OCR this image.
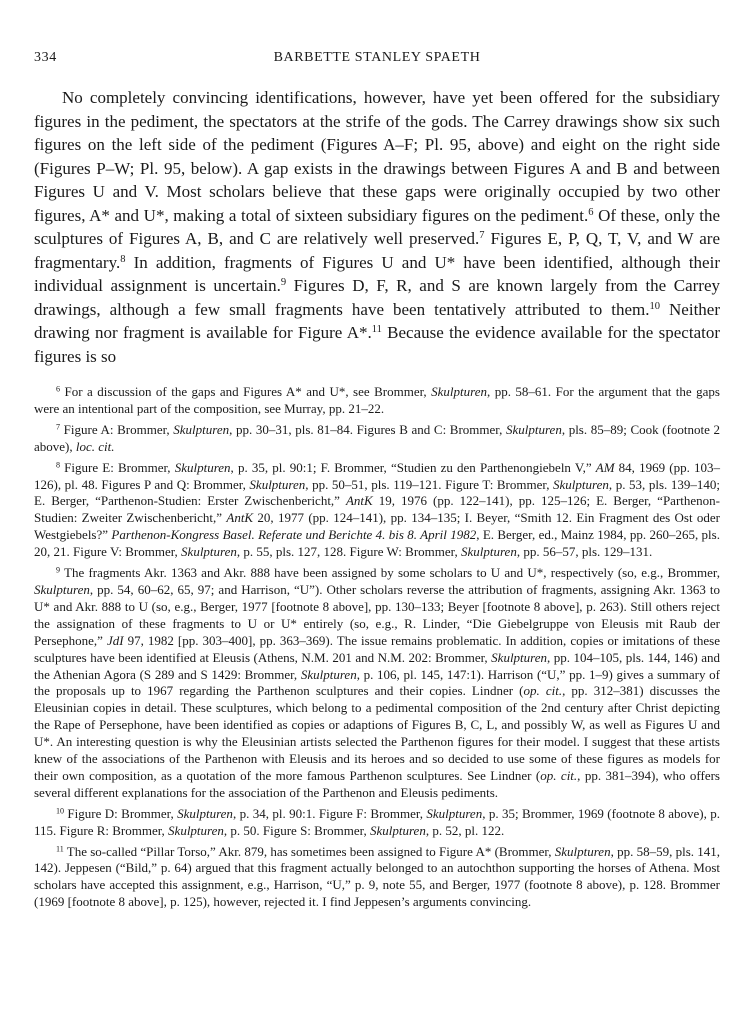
334	BARBETTE STANLEY SPAETH

No completely convincing identifications, however, have yet been offered for the subsidiary figures in the pediment, the spectators at the strife of the gods. The Carrey drawings show six such figures on the left side of the pediment (Figures A–F; Pl. 95, above) and eight on the right side (Figures P–W; Pl. 95, below). A gap exists in the drawings between Figures A and B and between Figures U and V. Most scholars believe that these gaps were originally occupied by two other figures, A* and U*, making a total of sixteen subsidiary figures on the pediment.$^6$ Of these, only the sculptures of Figures A, B, and C are relatively well preserved.$^7$ Figures E, P, Q, T, V, and W are fragmentary.$^8$ In addition, fragments of Figures U and U* have been identified, although their individual assignment is uncertain.$^9$ Figures D, F, R, and S are known largely from the Carrey drawings, although a few small fragments have been tentatively attributed to them.$^{10}$ Neither drawing nor fragment is available for Figure A*.$^{11}$ Because the evidence available for the spectator figures is so

$^6$ For a discussion of the gaps and Figures A* and U*, see Brommer, Skulpturen, pp. 58–61. For the argument that the gaps were an intentional part of the composition, see Murray, pp. 21–22.

$^7$ Figure A: Brommer, Skulpturen, pp. 30–31, pls. 81–84. Figures B and C: Brommer, Skulpturen, pls. 85–89; Cook (footnote 2 above), loc. cit.

$^8$ Figure E: Brommer, Skulpturen, p. 35, pl. 90:1; F. Brommer, “Studien zu den Parthenongiebeln V,” AM 84, 1969 (pp. 103–126), pl. 48. Figures P and Q: Brommer, Skulpturen, pp. 50–51, pls. 119–121. Figure T: Brommer, Skulpturen, p. 53, pls. 139–140; E. Berger, “Parthenon-Studien: Erster Zwischenbericht,” AntK 19, 1976 (pp. 122–141), pp. 125–126; E. Berger, “Parthenon-Studien: Zweiter Zwischenbericht,” AntK 20, 1977 (pp. 124–141), pp. 134–135; I. Beyer, “Smith 12. Ein Fragment des Ost oder Westgiebels?” Parthenon-Kongress Basel. Referate und Berichte 4. bis 8. April 1982, E. Berger, ed., Mainz 1984, pp. 260–265, pls. 20, 21. Figure V: Brommer, Skulpturen, p. 55, pls. 127, 128. Figure W: Brommer, Skulpturen, pp. 56–57, pls. 129–131.

$^9$ The fragments Akr. 1363 and Akr. 888 have been assigned by some scholars to U and U*, respectively (so, e.g., Brommer, Skulpturen, pp. 54, 60–62, 65, 97; and Harrison, “U”). Other scholars reverse the attribution of fragments, assigning Akr. 1363 to U* and Akr. 888 to U (so, e.g., Berger, 1977 [footnote 8 above], pp. 130–133; Beyer [footnote 8 above], p. 263). Still others reject the assignation of these fragments to U or U* entirely (so, e.g., R. Linder, “Die Giebelgruppe von Eleusis mit Raub der Persephone,” JdI 97, 1982 [pp. 303–400], pp. 363–369). The issue remains problematic. In addition, copies or imitations of these sculptures have been identified at Eleusis (Athens, N.M. 201 and N.M. 202: Brommer, Skulpturen, pp. 104–105, pls. 144, 146) and the Athenian Agora (S 289 and S 1429: Brommer, Skulpturen, p. 106, pl. 145, 147:1). Harrison (“U,” pp. 1–9) gives a summary of the proposals up to 1967 regarding the Parthenon sculptures and their copies. Lindner (op. cit., pp. 312–381) discusses the Eleusinian copies in detail. These sculptures, which belong to a pedimental composition of the 2nd century after Christ depicting the Rape of Persephone, have been identified as copies or adaptions of Figures B, C, L, and possibly W, as well as Figures U and U*. An interesting question is why the Eleusinian artists selected the Parthenon figures for their model. I suggest that these artists knew of the associations of the Parthenon with Eleusis and its heroes and so decided to use some of these figures as models for their own composition, as a quotation of the more famous Parthenon sculptures. See Lindner (op. cit., pp. 381–394), who offers several different explanations for the association of the Parthenon and Eleusis pediments.

$^{10}$ Figure D: Brommer, Skulpturen, p. 34, pl. 90:1. Figure F: Brommer, Skulpturen, p. 35; Brommer, 1969 (footnote 8 above), p. 115. Figure R: Brommer, Skulpturen, p. 50. Figure S: Brommer, Skulpturen, p. 52, pl. 122.

$^{11}$ The so-called “Pillar Torso,” Akr. 879, has sometimes been assigned to Figure A* (Brommer, Skulpturen, pp. 58–59, pls. 141, 142). Jeppesen (“Bild,” p. 64) argued that this fragment actually belonged to an autochthon supporting the horses of Athena. Most scholars have accepted this assignment, e.g., Harrison, “U,” p. 9, note 55, and Berger, 1977 (footnote 8 above), p. 128. Brommer (1969 [footnote 8 above], p. 125), however, rejected it. I find Jeppesen’s arguments convincing.
